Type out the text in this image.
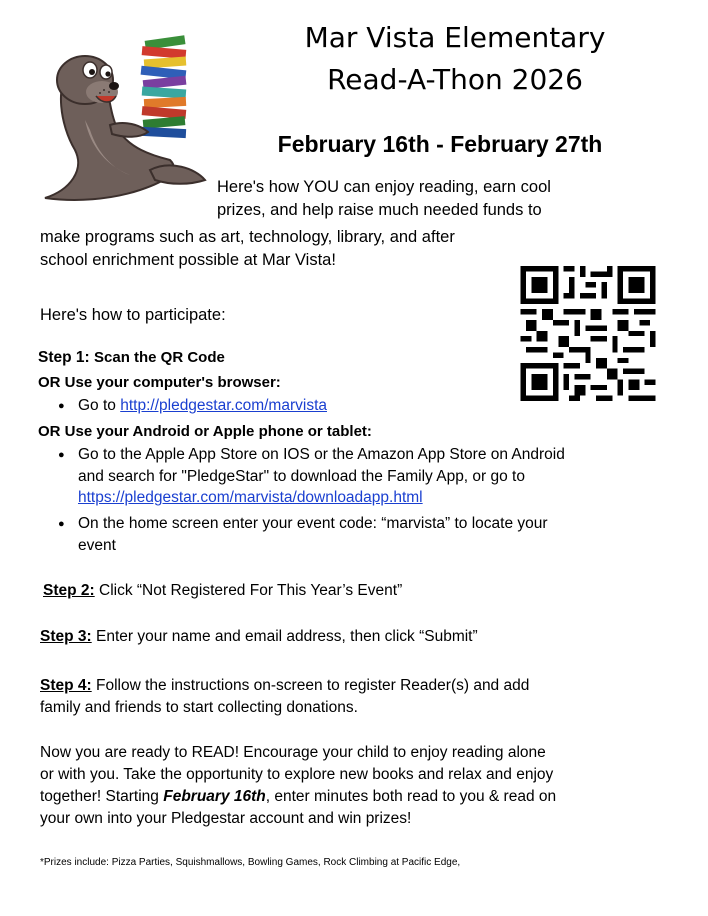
Mar Vista Elementary
Read-A-Thon 2026
February 16th - February 27th
Here's how YOU can enjoy reading, earn cool
prizes, and help raise much needed funds to
make programs such as art, technology, library, and after
school enrichment possible at Mar Vista!
Here's how to participate:
Step 1: Scan the QR Code
OR Use your computer's browser:
● Go to http://pledgestar.com/marvista
OR Use your Android or Apple phone or tablet:
● Go to the Apple App Store on IOS or the Amazon App Store on Android
and search for "PledgeStar" to download the Family App, or go to
https://pledgestar.com/marvista/downloadapp.html
● On the home screen enter your event code: “marvista” to locate your
event
Step 2: Click “Not Registered For This Year’s Event”
Step 3: Enter your name and email address, then click “Submit”
Step 4: Follow the instructions on-screen to register Reader(s) and add
family and friends to start collecting donations.
Now you are ready to READ! Encourage your child to enjoy reading alone
or with you. Take the opportunity to explore new books and relax and enjoy
together! Starting February 16th, enter minutes both read to you & read on
your own into your Pledgestar account and win prizes!
*Prizes include: Pizza Parties, Squishmallows, Bowling Games, Rock Climbing at Pacific Edge,
